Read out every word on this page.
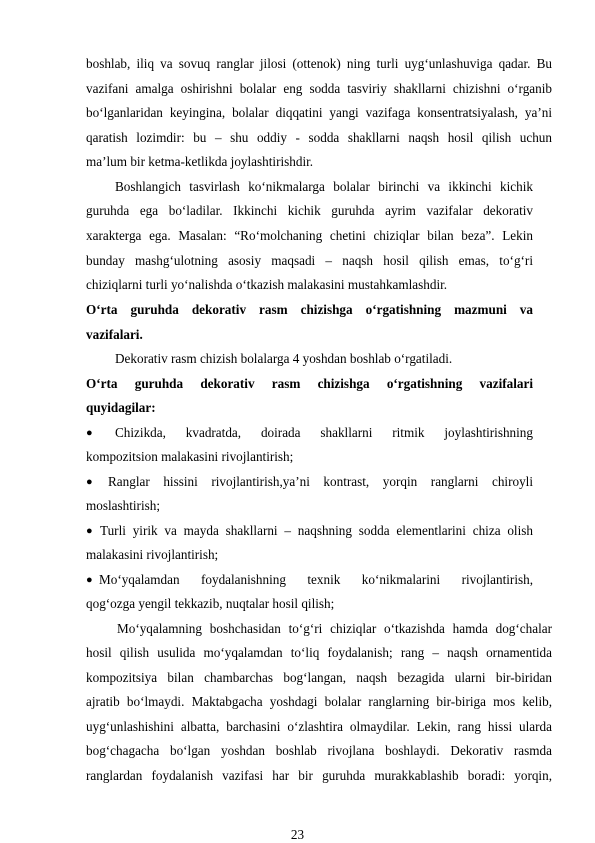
boshlab, iliq va sovuq ranglar jilosi (ottenok) ning turli uyg‘unlashuviga qadar. Bu
vazifani amalga oshirishni bolalar eng sodda tasviriy shakllarni chizishni o‘rganib
bo‘lganlaridan keyingina, bolalar diqqatini yangi vazifaga konsentratsiyalash, ya’ni
qaratish lozimdir: bu – shu oddiy - sodda shakllarni naqsh hosil qilish uchun
ma’lum bir ketma-ketlikda joylashtirishdir.
Boshlangich tasvirlash ko‘nikmalarga bolalar birinchi va ikkinchi kichik
guruhda ega bo‘ladilar. Ikkinchi kichik guruhda ayrim vazifalar dekorativ
xarakterga ega. Masalan: “Ro‘molchaning chetini chiziqlar bilan beza”. Lekin
bunday mashg‘ulotning asosiy maqsadi – naqsh hosil qilish emas, to‘g‘ri
chiziqlarni turli yo‘nalishda o‘tkazish malakasini mustahkamlashdir.
O‘rta guruhda dekorativ rasm chizishga o‘rgatishning mazmuni va
vazifalari.
Dekorativ rasm chizish bolalarga 4 yoshdan boshlab o‘rgatiladi.
O‘rta guruhda dekorativ rasm chizishga o‘rgatishning vazifalari
quyidagilar:
● Chizikda, kvadratda, doirada shakllarni ritmik joylashtirishning
kompozitsion malakasini rivojlantirish;
● Ranglar hissini rivojlantirish,ya’ni kontrast, yorqin ranglarni chiroyli
moslashtirish;
● Turli yirik va mayda shakllarni – naqshning sodda elementlarini chiza olish
malakasini rivojlantirish;
● Mo‘yqalamdan foydalanishning texnik ko‘nikmalarini rivojlantirish,
qog‘ozga yengil tekkazib, nuqtalar hosil qilish;
Mo‘yqalamning boshchasidan to‘g‘ri chiziqlar o‘tkazishda hamda dog‘chalar
hosil qilish usulida mo‘yqalamdan to‘liq foydalanish; rang – naqsh ornamentida
kompozitsiya bilan chambarchas bog‘langan, naqsh bezagida ularni bir-biridan
ajratib bo‘lmaydi. Maktabgacha yoshdagi bolalar ranglarning bir-biriga mos kelib,
uyg‘unlashishini albatta, barchasini o‘zlashtira olmaydilar. Lekin, rang hissi ularda
bog‘chagacha bo‘lgan yoshdan boshlab rivojlana boshlaydi. Dekorativ rasmda
ranglardan foydalanish vazifasi har bir guruhda murakkablashib boradi: yorqin,
23
